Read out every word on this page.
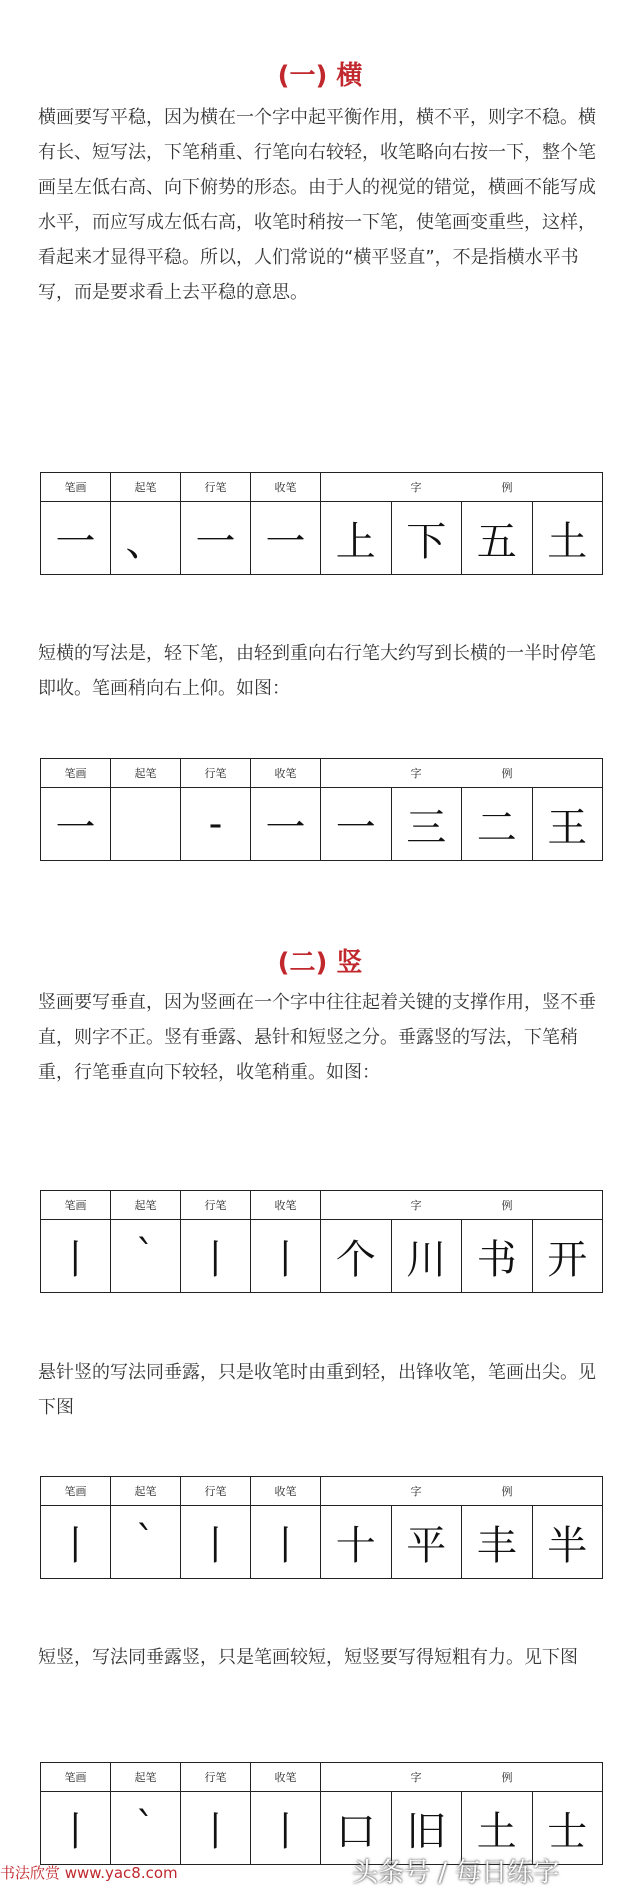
(一) 横

横画要写平稳，因为横在一个字中起平衡作用，横不平，则字不稳。横有长、短写法，下笔稍重、行笔向右较轻，收笔略向右按一下，整个笔画呈左低右高、向下俯势的形态。由于人的视觉的错觉，横画不能写成水平，而应写成左低右高，收笔时稍按一下笔，使笔画变重些，这样，看起来才显得平稳。所以，人们常说的“横平竖直”，不是指横水平书写，而是要求看上去平稳的意思。

笔画	起笔	行笔	收笔	字 例			
一	、	一	一	上	下	五	土

短横的写法是，轻下笔，由轻到重向右行笔大约写到长横的一半时停笔即收。笔画稍向右上仰。如图：

笔画	起笔	行笔	收笔	字 例			
一		-	一	一	三	二	王
(二) 竖

竖画要写垂直，因为竖画在一个字中往往起着关键的支撑作用，竖不垂直，则字不正。竖有垂露、悬针和短竖之分。垂露竖的写法，下笔稍重，行笔垂直向下较轻，收笔稍重。如图：

笔画	起笔	行笔	收笔	字 例			
丨	`	丨	丨	个	川	书	开

悬针竖的写法同垂露，只是收笔时由重到轻，出锋收笔，笔画出尖。见下图

笔画	起笔	行笔	收笔	字 例			
丨	`	丨	丨	十	平	丰	半

短竖，写法同垂露竖，只是笔画较短，短竖要写得短粗有力。见下图

笔画	起笔	行笔	收笔	字 例			
丨	`	丨	丨	口	旧	土	士
书法欣赏 www.yac8.com	头条号 / 每日练字
